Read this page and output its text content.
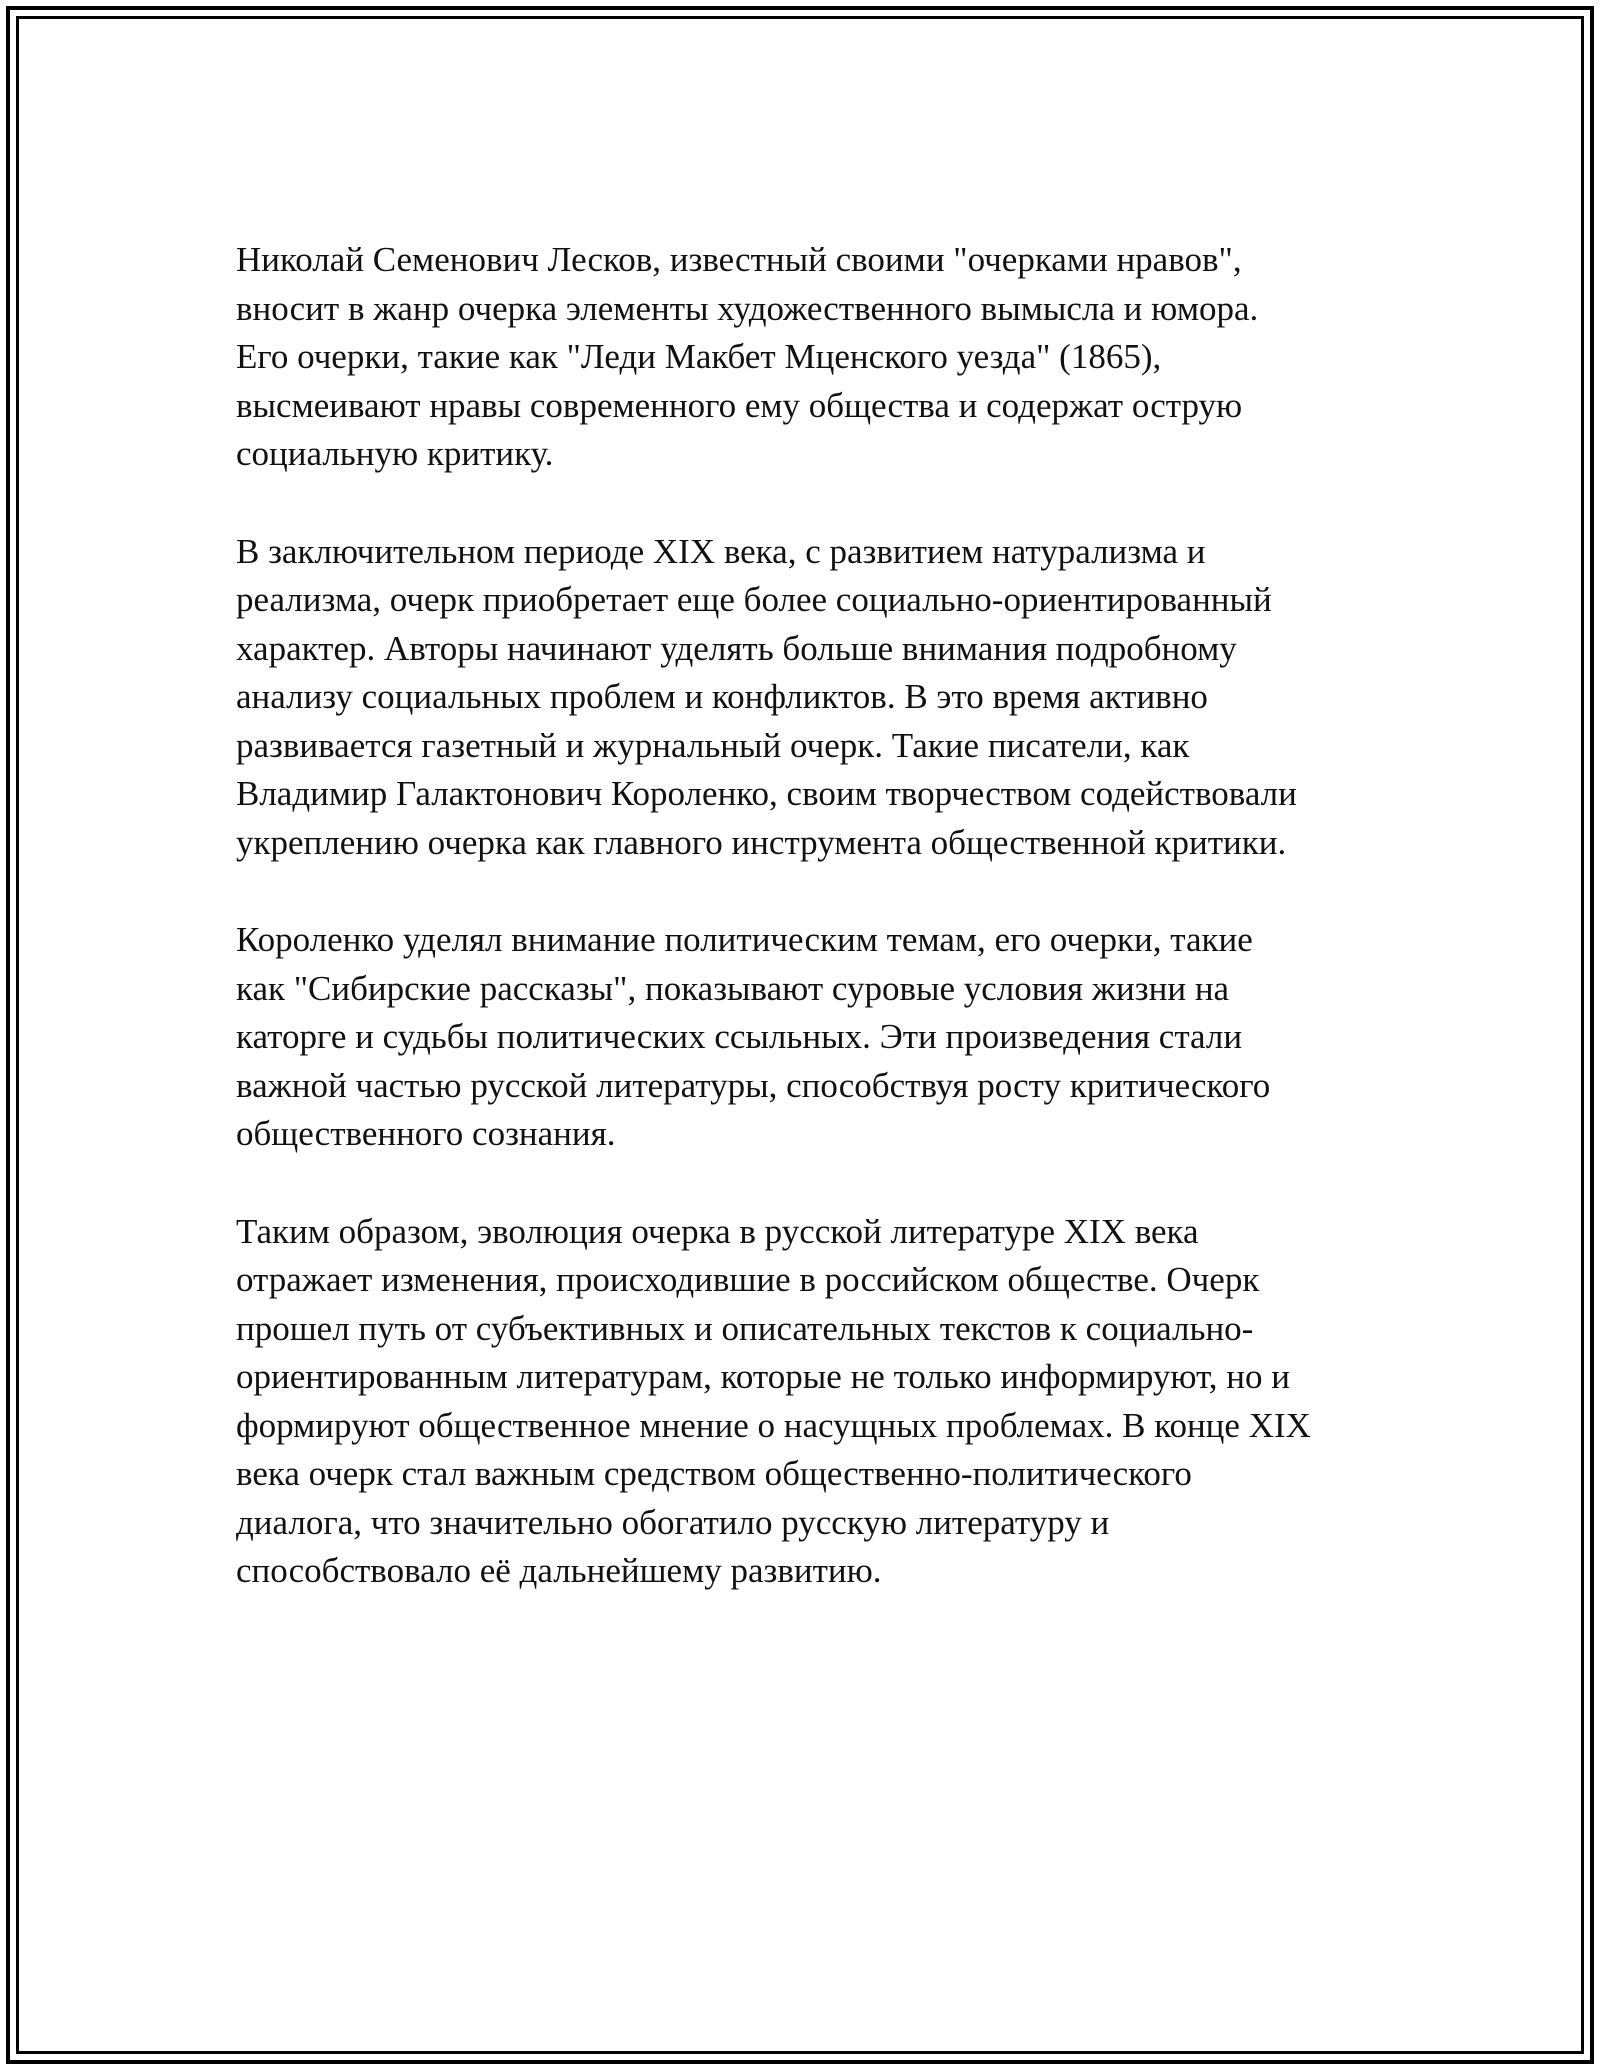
Николай Семенович Лесков, известный своими "очерками нравов",
вносит в жанр очерка элементы художественного вымысла и юмора.
Его очерки, такие как "Леди Макбет Мценского уезда" (1865),
высмеивают нравы современного ему общества и содержат острую
социальную критику.

В заключительном периоде XIX века, с развитием натурализма и
реализма, очерк приобретает еще более социально-ориентированный
характер. Авторы начинают уделять больше внимания подробному
анализу социальных проблем и конфликтов. В это время активно
развивается газетный и журнальный очерк. Такие писатели, как
Владимир Галактонович Короленко, своим творчеством содействовали
укреплению очерка как главного инструмента общественной критики.

Короленко уделял внимание политическим темам, его очерки, такие
как "Сибирские рассказы", показывают суровые условия жизни на
каторге и судьбы политических ссыльных. Эти произведения стали
важной частью русской литературы, способствуя росту критического
общественного сознания.

Таким образом, эволюция очерка в русской литературе XIX века
отражает изменения, происходившие в российском обществе. Очерк
прошел путь от субъективных и описательных текстов к социально-
ориентированным литературам, которые не только информируют, но и
формируют общественное мнение о насущных проблемах. В конце XIX
века очерк стал важным средством общественно-политического
диалога, что значительно обогатило русскую литературу и
способствовало её дальнейшему развитию.
